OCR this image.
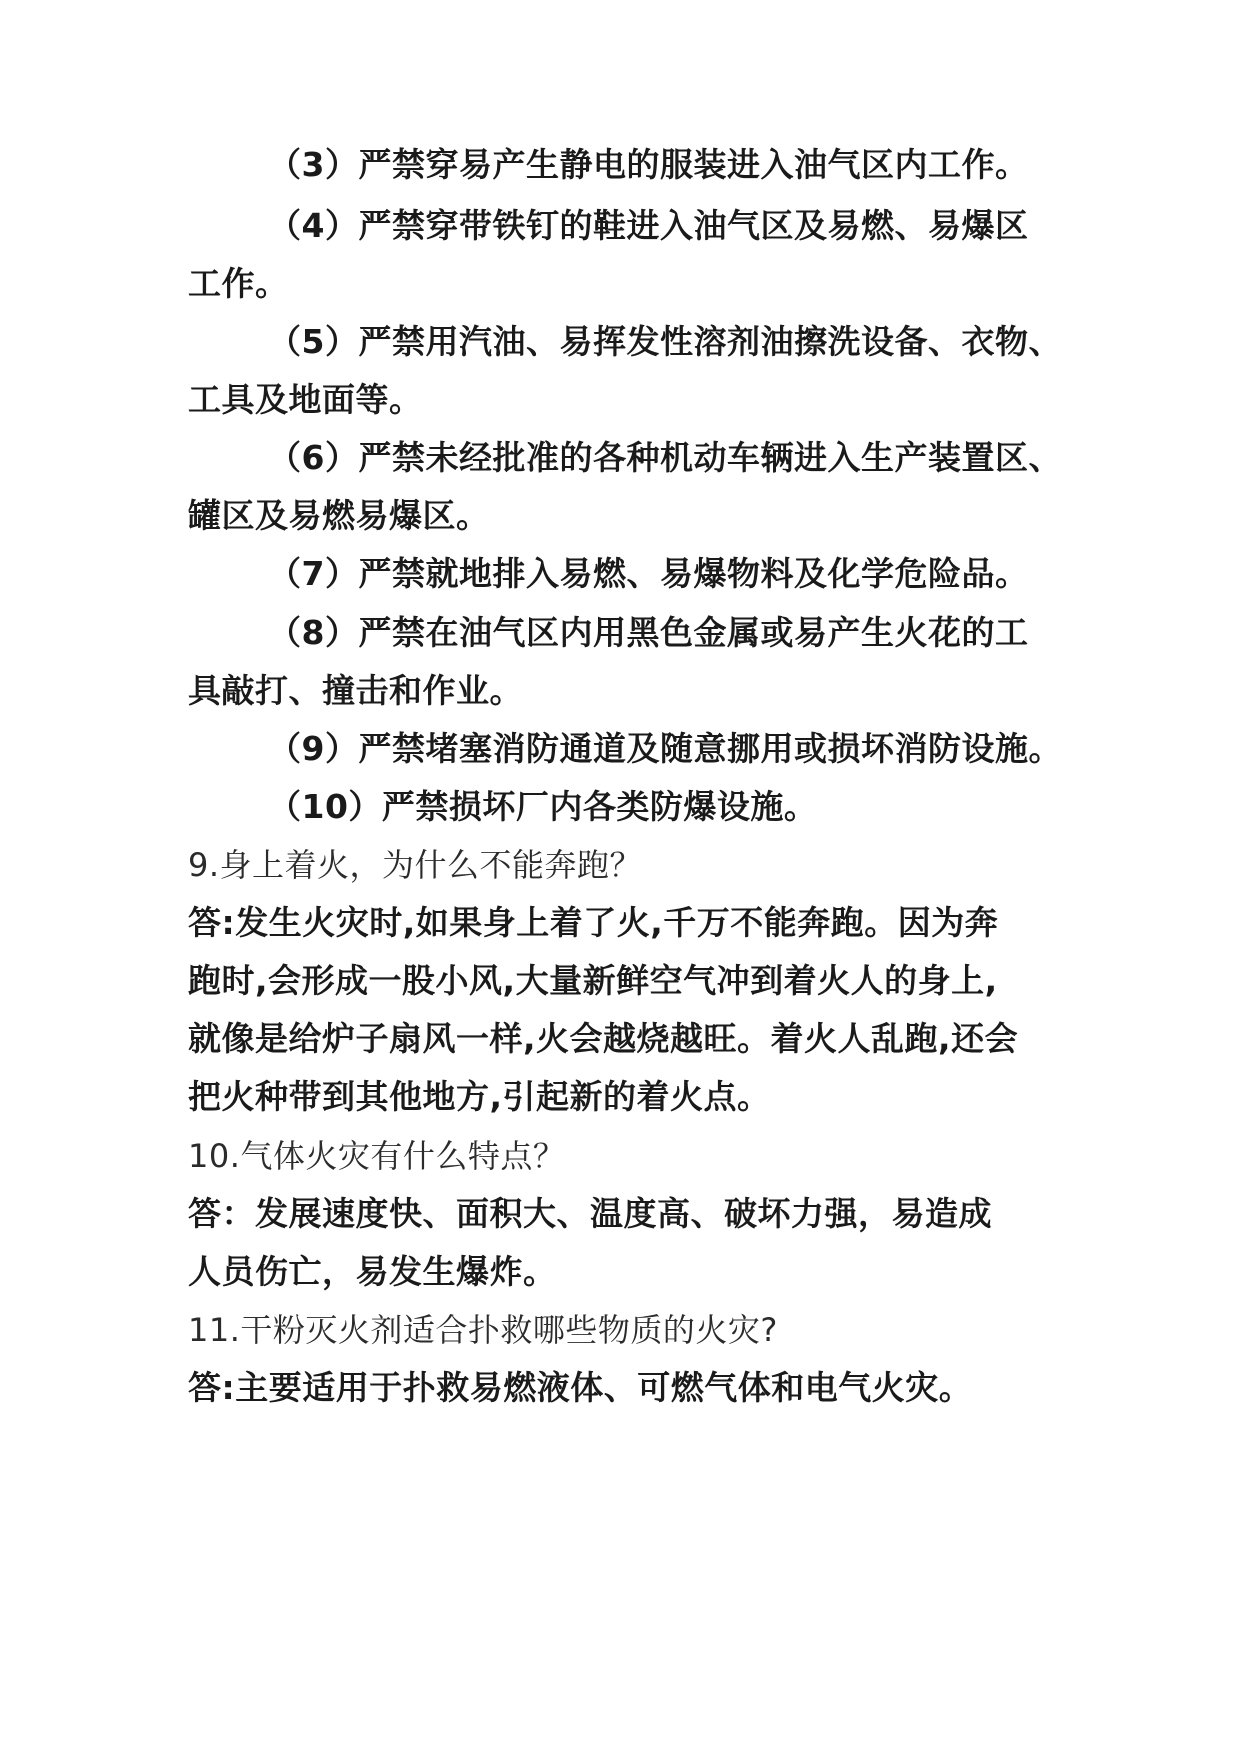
（3）严禁穿易产生静电的服装进入油气区内工作。
（4）严禁穿带铁钉的鞋进入油气区及易燃、易爆区
工作。
（5）严禁用汽油、易挥发性溶剂油擦洗设备、衣物、
工具及地面等。
（6）严禁未经批准的各种机动车辆进入生产装置区、
罐区及易燃易爆区。
（7）严禁就地排入易燃、易爆物料及化学危险品。
（8）严禁在油气区内用黑色金属或易产生火花的工
具敲打、撞击和作业。
（9）严禁堵塞消防通道及随意挪用或损坏消防设施。
（10）严禁损坏厂内各类防爆设施。
9.身上着火，为什么不能奔跑？
答:发生火灾时,如果身上着了火,千万不能奔跑。因为奔
跑时,会形成一股小风,大量新鲜空气冲到着火人的身上,
就像是给炉子扇风一样,火会越烧越旺。着火人乱跑,还会
把火种带到其他地方,引起新的着火点。
10.气体火灾有什么特点？
答：发展速度快、面积大、温度高、破坏力强，易造成
人员伤亡，易发生爆炸。
11.干粉灭火剂适合扑救哪些物质的火灾?
答:主要适用于扑救易燃液体、可燃气体和电气火灾。
